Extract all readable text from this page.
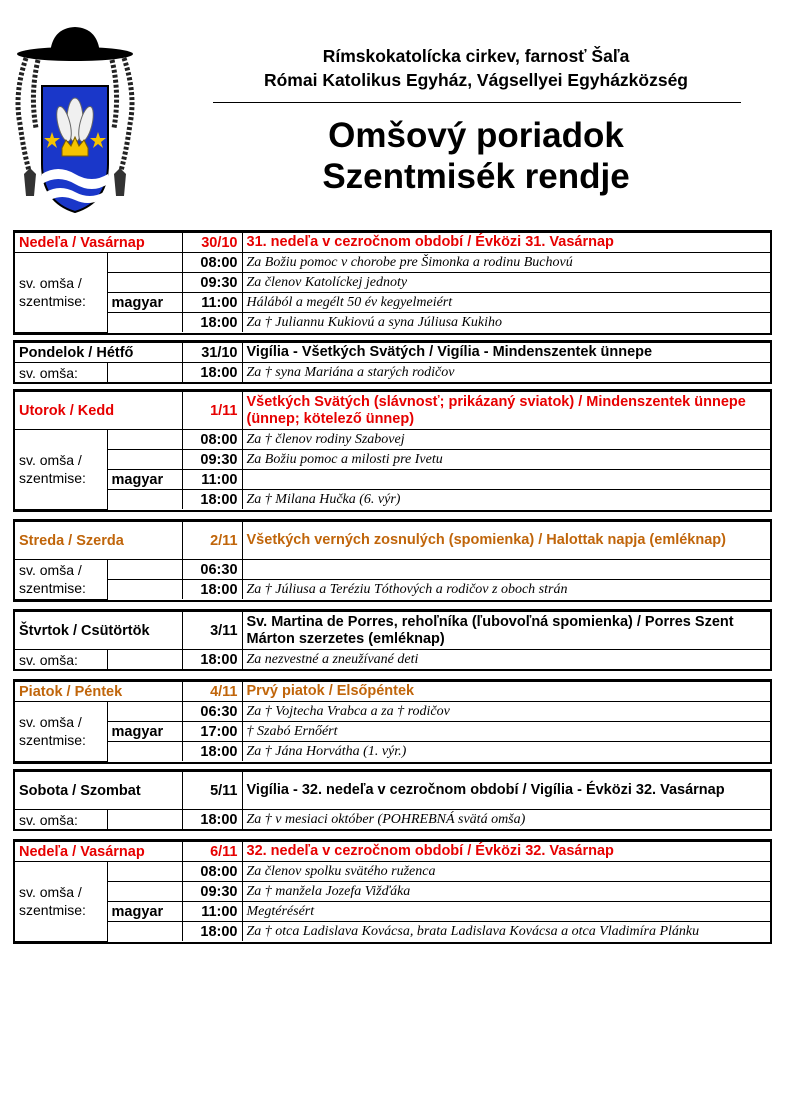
Rímskokatolícka cirkev, farnosť Šaľa
Római Katolikus Egyház, Vágsellyei Egyházközség
Omšový poriadok
Szentmisék rendje
Nedeľa / Vasárnap		30/10	31. nedeľa v cezročnom období / Évközi 31. Vasárnap
sv. omša / szentmise:		08:00	Za Božiu pomoc v chorobe pre Šimonka a rodinu Buchovú
		09:30	Za členov Katolíckej jednoty
	magyar	11:00	Hálából a megélt 50 év kegyelmeiért
		18:00	Za † Juliannu Kukiovú a syna Júliusa Kukiho
Pondelok / Hétfő		31/10	Vigília - Všetkých Svätých / Vigília - Mindenszentek ünnepe
sv. omša:		18:00	Za † syna Mariána a starých rodičov
Utorok / Kedd		1/11	Všetkých Svätých (slávnosť; prikázaný sviatok) / Mindenszentek ünnepe (ünnep; kötelező ünnep)
sv. omša / szentmise:		08:00	Za † členov rodiny Szabovej
		09:30	Za Božiu pomoc a milosti pre Ivetu
	magyar	11:00	
		18:00	Za † Milana Hučka (6. výr)
Streda / Szerda		2/11	Všetkých verných zosnulých (spomienka) / Halottak napja (emléknap)
sv. omša / szentmise:		06:30	
		18:00	Za † Júliusa a Teréziu Tóthových a rodičov z oboch strán
Štvrtok / Csütörtök		3/11	Sv. Martina de Porres, rehoľníka (ľubovoľná spomienka) / Porres Szent Márton szerzetes (emléknap)
sv. omša:		18:00	Za nezvestné a zneužívané deti
Piatok / Péntek		4/11	Prvý piatok / Elsőpéntek
sv. omša / szentmise:		06:30	Za † Vojtecha Vrabca a za † rodičov
	magyar	17:00	† Szabó Ernőért
		18:00	Za † Jána Horvátha (1. výr.)
Sobota / Szombat		5/11	Vigília - 32. nedeľa v cezročnom období / Vigília - Évközi 32. Vasárnap
sv. omša:		18:00	Za † v mesiaci október (POHREBNÁ svätá omša)
Nedeľa / Vasárnap		6/11	32. nedeľa v cezročnom období / Évközi 32. Vasárnap
sv. omša / szentmise:		08:00	Za členov spolku svätého ruženca
		09:30	Za † manžela Jozefa Vižďáka
	magyar	11:00	Megtérésért
		18:00	Za † otca Ladislava Kovácsa, brata Ladislava Kovácsa a otca Vladimíra Plánku
